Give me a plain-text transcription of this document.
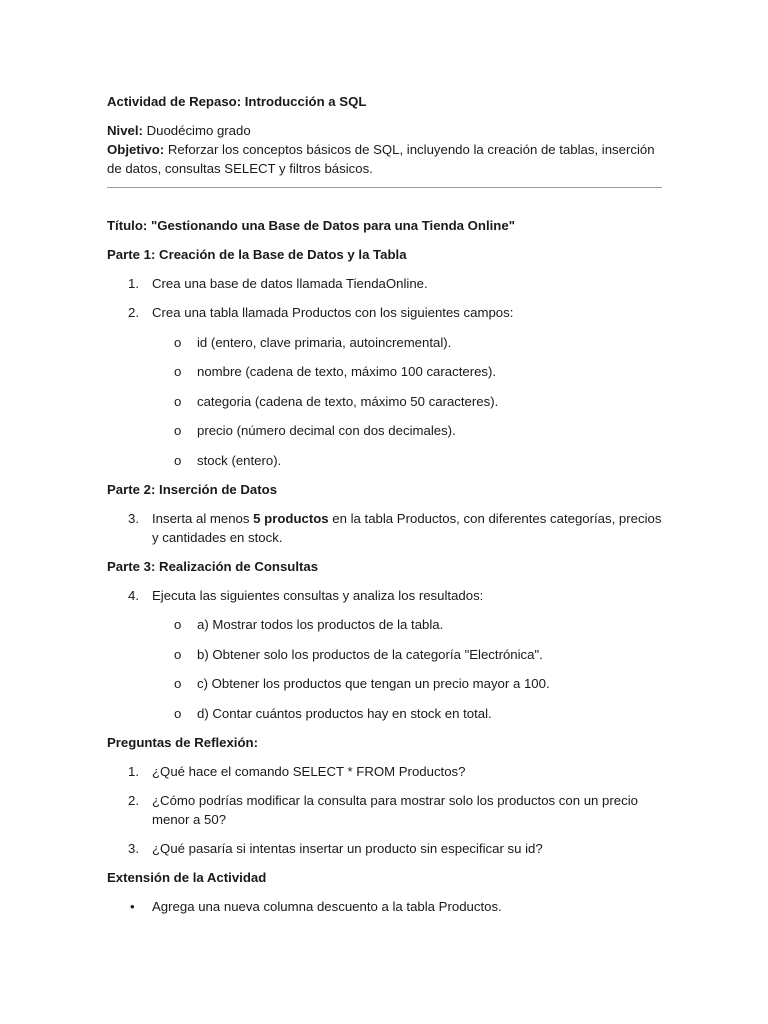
Actividad de Repaso: Introducción a SQL

Nivel: Duodécimo grado

Objetivo: Reforzar los conceptos básicos de SQL, incluyendo la creación de tablas, inserción de datos, consultas SELECT y filtros básicos.

Título: "Gestionando una Base de Datos para una Tienda Online"

Parte 1: Creación de la Base de Datos y la Tabla

1. Crea una base de datos llamada TiendaOnline.
2. Crea una tabla llamada Productos con los siguientes campos:
o id (entero, clave primaria, autoincremental).
o nombre (cadena de texto, máximo 100 caracteres).
o categoria (cadena de texto, máximo 50 caracteres).
o precio (número decimal con dos decimales).
o stock (entero).

Parte 2: Inserción de Datos

3. Inserta al menos 5 productos en la tabla Productos, con diferentes categorías, precios y cantidades en stock.

Parte 3: Realización de Consultas

4. Ejecuta las siguientes consultas y analiza los resultados:
o a) Mostrar todos los productos de la tabla.
o b) Obtener solo los productos de la categoría "Electrónica".
o c) Obtener los productos que tengan un precio mayor a 100.
o d) Contar cuántos productos hay en stock en total.

Preguntas de Reflexión:

1. ¿Qué hace el comando SELECT * FROM Productos?
2. ¿Cómo podrías modificar la consulta para mostrar solo los productos con un precio menor a 50?
3. ¿Qué pasaría si intentas insertar un producto sin especificar su id?

Extensión de la Actividad

• Agrega una nueva columna descuento a la tabla Productos.
